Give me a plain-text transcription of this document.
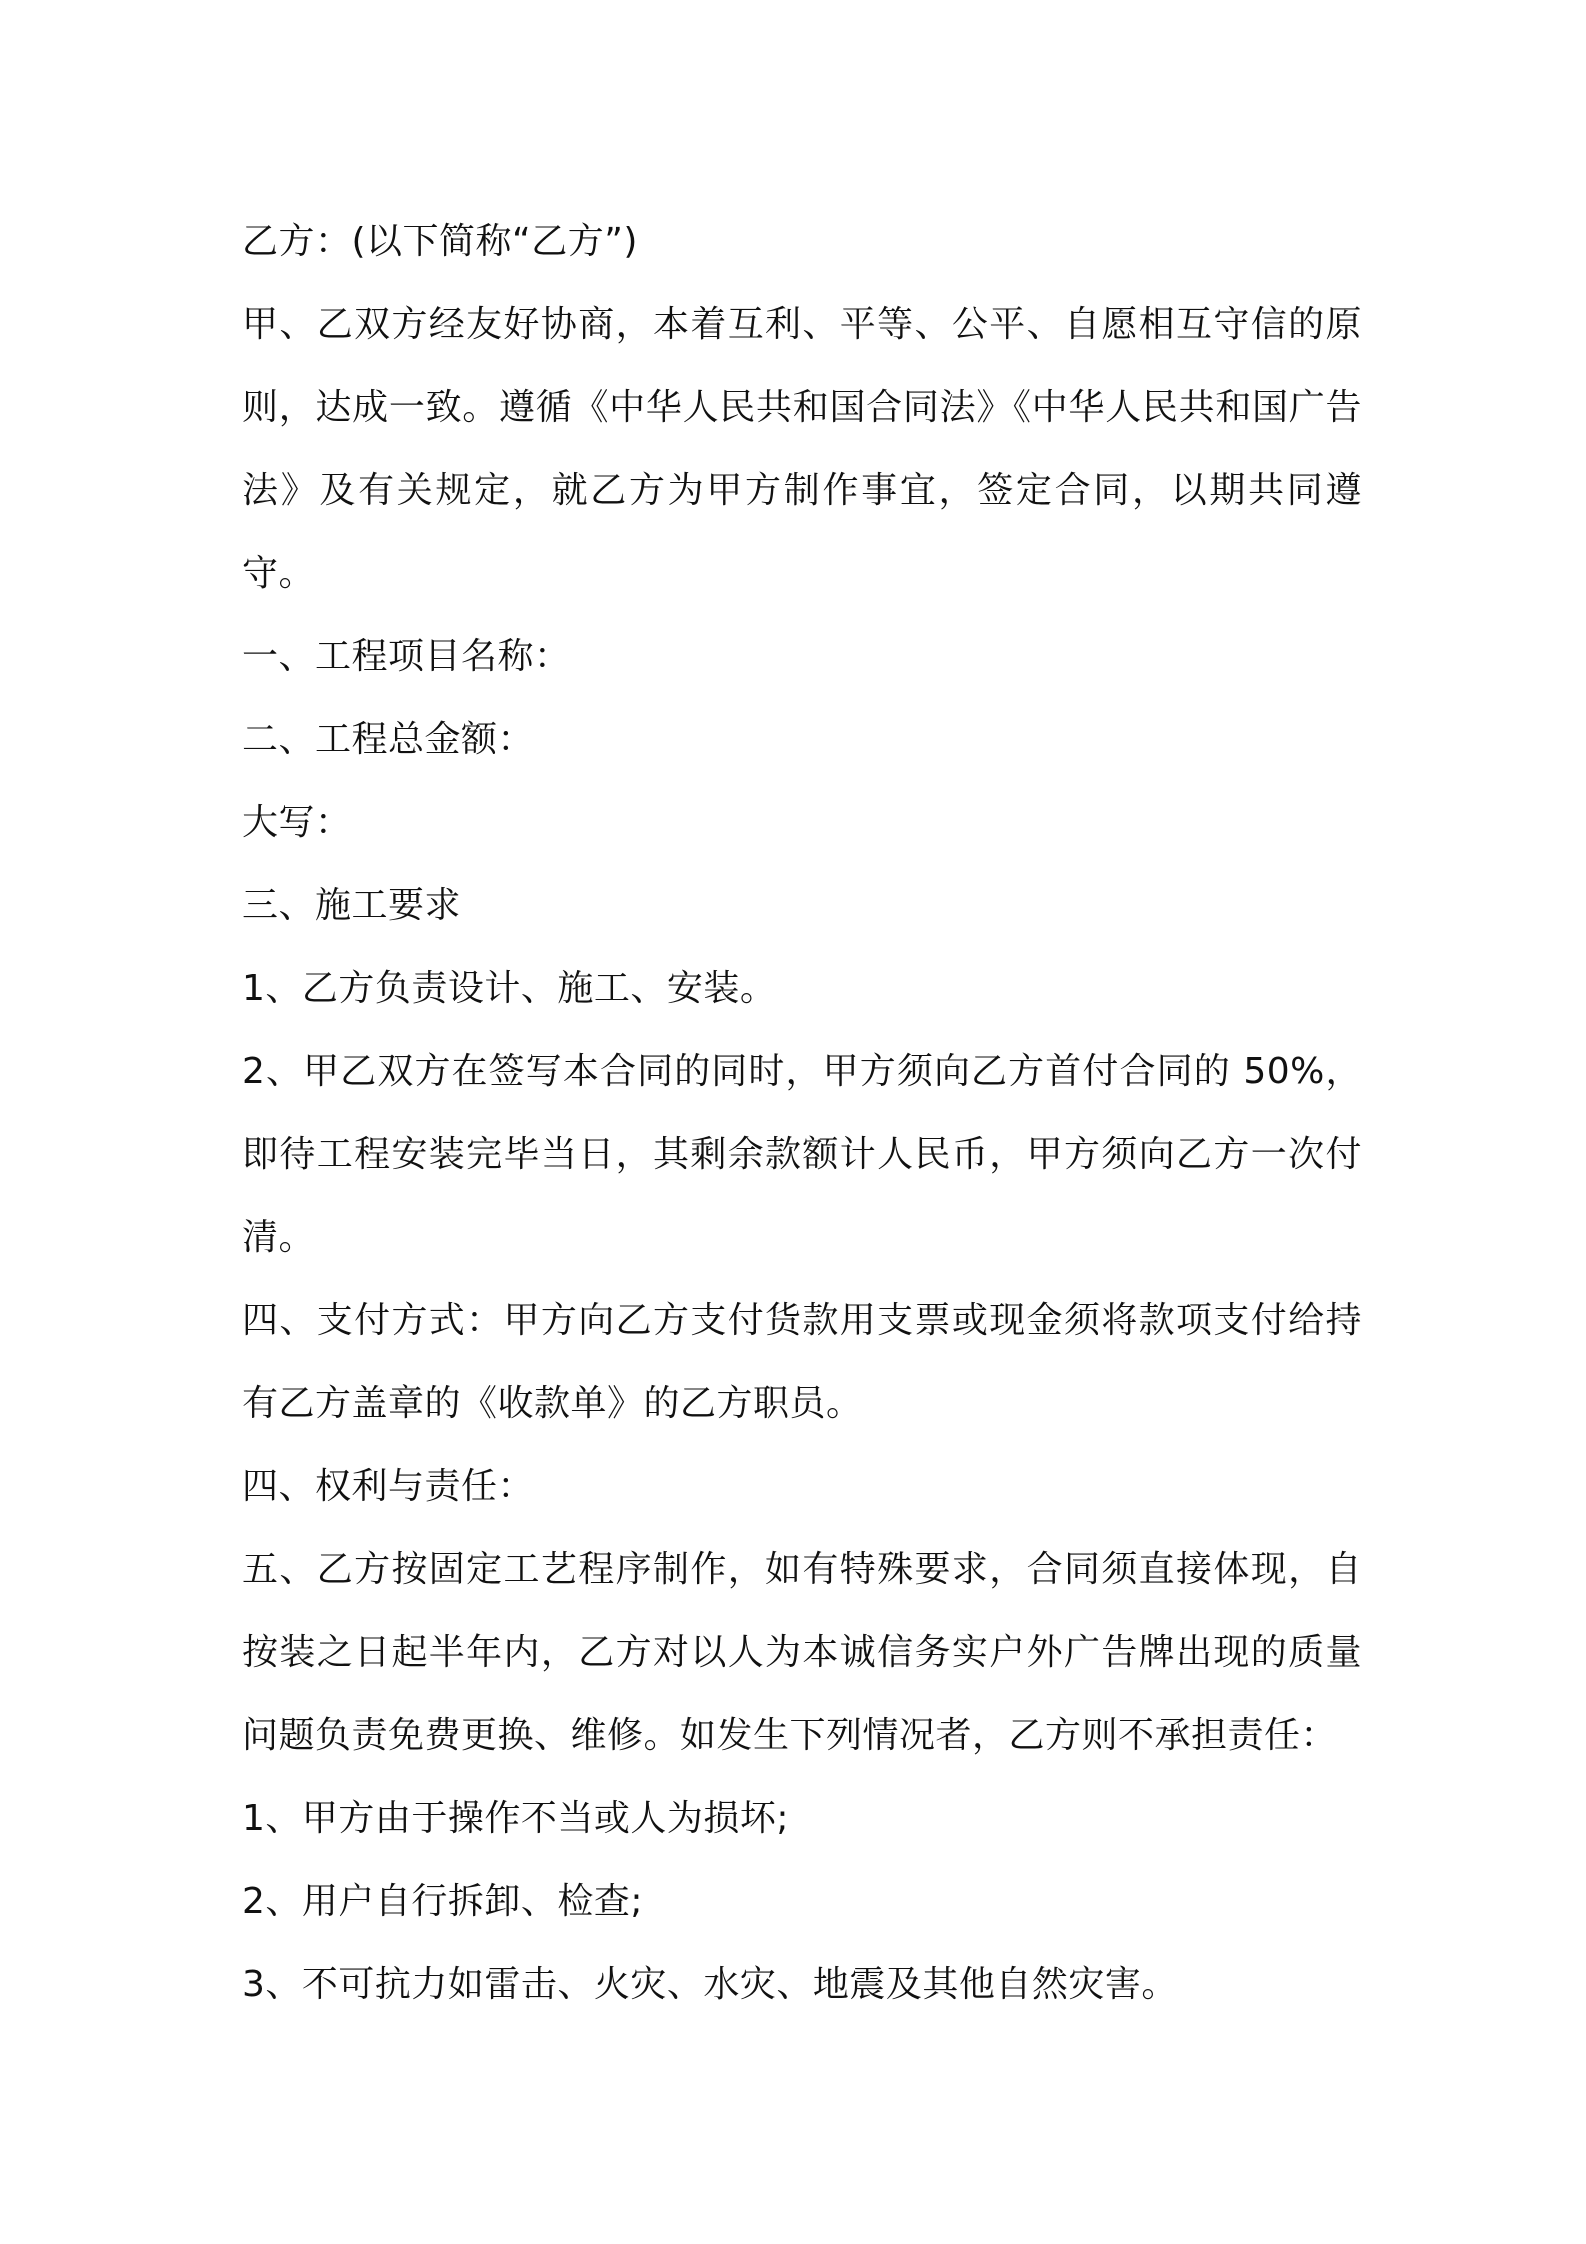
乙方：(以下简称“乙方”)

甲、乙双方经友好协商，本着互利、平等、公平、自愿相互守信的原则，达成一致。遵循《中华人民共和国合同法》《中华人民共和国广告法》及有关规定，就乙方为甲方制作事宜，签定合同，以期共同遵守。

一、工程项目名称：

二、工程总金额：

大写：

三、施工要求

1、乙方负责设计、施工、安装。

2、甲乙双方在签写本合同的同时，甲方须向乙方首付合同的 50%，即待工程安装完毕当日，其剩余款额计人民币，甲方须向乙方一次付清。

四、支付方式：甲方向乙方支付货款用支票或现金须将款项支付给持有乙方盖章的《收款单》的乙方职员。

四、权利与责任：

五、乙方按固定工艺程序制作，如有特殊要求，合同须直接体现，自按装之日起半年内，乙方对以人为本诚信务实户外广告牌出现的质量问题负责免费更换、维修。如发生下列情况者，乙方则不承担责任：

1、甲方由于操作不当或人为损坏;

2、用户自行拆卸、检查;

3、不可抗力如雷击、火灾、水灾、地震及其他自然灾害。
